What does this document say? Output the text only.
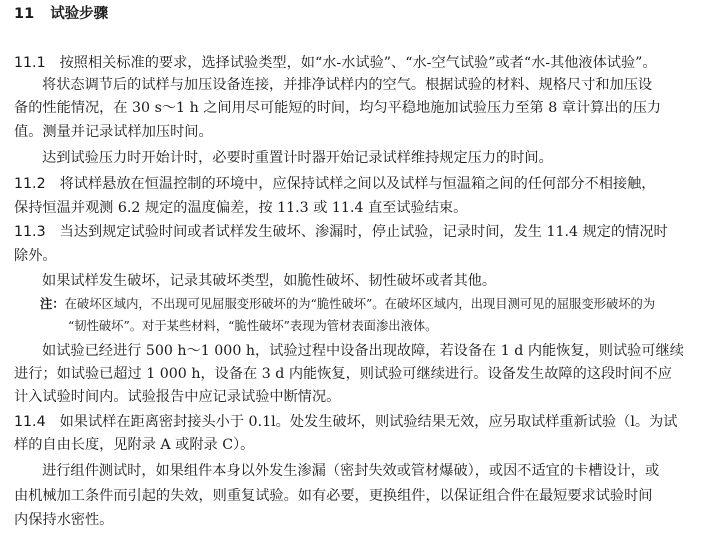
11 试验步骤
11.1 按照相关标准的要求，选择试验类型，如“水-水试验”、“水-空气试验”或者“水-其他液体试验”。
将状态调节后的试样与加压设备连接，并排净试样内的空气。根据试验的材料、规格尺寸和加压设
备的性能情况，在 30 s～1 h 之间用尽可能短的时间，均匀平稳地施加试验压力至第 8 章计算出的压力
值。测量并记录试样加压时间。
达到试验压力时开始计时，必要时重置计时器开始记录试样维持规定压力的时间。
11.2 将试样悬放在恒温控制的环境中，应保持试样之间以及试样与恒温箱之间的任何部分不相接触，
保持恒温并观测 6.2 规定的温度偏差，按 11.3 或 11.4 直至试验结束。
11.3 当达到规定试验时间或者试样发生破坏、渗漏时，停止试验，记录时间，发生 11.4 规定的情况时
除外。
如果试样发生破坏，记录其破坏类型，如脆性破坏、韧性破坏或者其他。
注：在破坏区域内，不出现可见屈服变形破坏的为“脆性破坏”。在破坏区域内，出现目测可见的屈服变形破坏的为
“韧性破坏”。对于某些材料，“脆性破坏”表现为管材表面渗出液体。
如试验已经进行 500 h～1 000 h，试验过程中设备出现故障，若设备在 1 d 内能恢复，则试验可继续
进行；如试验已超过 1 000 h，设备在 3 d 内能恢复，则试验可继续进行。设备发生故障的这段时间不应
计入试验时间内。试验报告中应记录试验中断情况。
11.4 如果试样在距离密封接头小于 0.1l。处发生破坏，则试验结果无效，应另取试样重新试验（l。为试
样的自由长度，见附录 A 或附录 C）。
进行组件测试时，如果组件本身以外发生渗漏（密封失效或管材爆破），或因不适宜的卡槽设计，或
由机械加工条件而引起的失效，则重复试验。如有必要，更换组件，以保证组合件在最短要求试验时间
内保持水密性。
